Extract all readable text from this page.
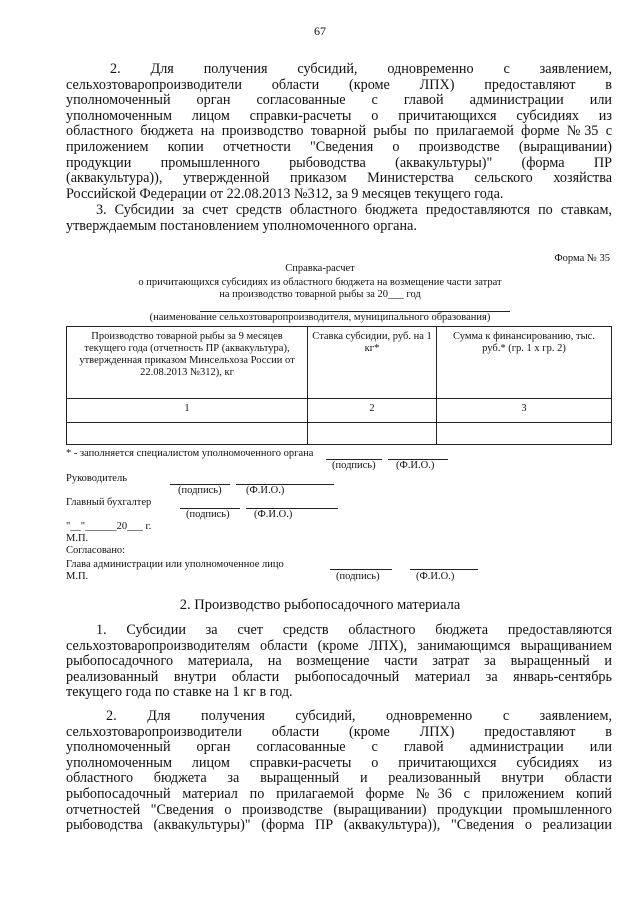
67
2. Для получения субсидий, одновременно с заявлением,
сельхозтоваропроизводители области (кроме ЛПХ) предоставляют в
уполномоченный орган согласованные с главой администрации или
уполномоченным лицом справки-расчеты о причитающихся субсидиях из
областного бюджета на производство товарной рыбы по прилагаемой форме №35 с
приложением копии отчетности "Сведения о производстве (выращивании)
продукции промышленного рыбоводства (аквакультуры)" (форма ПР
(аквакультура)), утвержденной приказом Министерства сельского хозяйства
Российской Федерации от 22.08.2013 №312, за 9 месяцев текущего года.
3. Субсидии за счет средств областного бюджета предоставляются по ставкам,
утверждаемым постановлением уполномоченного органа.
Форма № 35
Справка-расчет
о причитающихся субсидиях из областного бюджета на возмещение части затрат
на производство товарной рыбы за 20___ год
(наименование сельхозтоваропроизводителя, муниципального образования)
Производство товарной рыбы за 9 месяцев текущего года (отчетность ПР (аквакультура), утвержденная приказом Минсельхоза России от 22.08.2013 №312), кг	Ставка субсидии, руб. на 1 кг*	Сумма к финансированию, тыс. руб.* (гр. 1 х гр. 2)
1	2	3

* - заполняется специалистом уполномоченного органа
(подпись) (Ф.И.О.)
Руководитель
(подпись) (Ф.И.О.)
Главный бухгалтер
(подпись) (Ф.И.О.)
"__"______20___ г.
М.П.
Согласовано:
Глава администрации или уполномоченное лицо
М.П.	(подпись)	(Ф.И.О.)
2. Производство рыбопосадочного материала
1. Субсидии за счет средств областного бюджета предоставляются
сельхозтоваропроизводителям области (кроме ЛПХ), занимающимся выращиванием
рыбопосадочного материала, на возмещение части затрат за выращенный и
реализованный внутри области рыбопосадочный материал за январь-сентябрь
текущего года по ставке на 1 кг в год.
2. Для получения субсидий, одновременно с заявлением,
сельхозтоваропроизводители области (кроме ЛПХ) предоставляют в
уполномоченный орган согласованные с главой администрации или
уполномоченным лицом справки-расчеты о причитающихся субсидиях из
областного бюджета за выращенный и реализованный внутри области
рыбопосадочный материал по прилагаемой форме №36 с приложением копий
отчетностей "Сведения о производстве (выращивании) продукции промышленного
рыбоводства (аквакультуры)" (форма ПР (аквакультура)), "Сведения о реализации
